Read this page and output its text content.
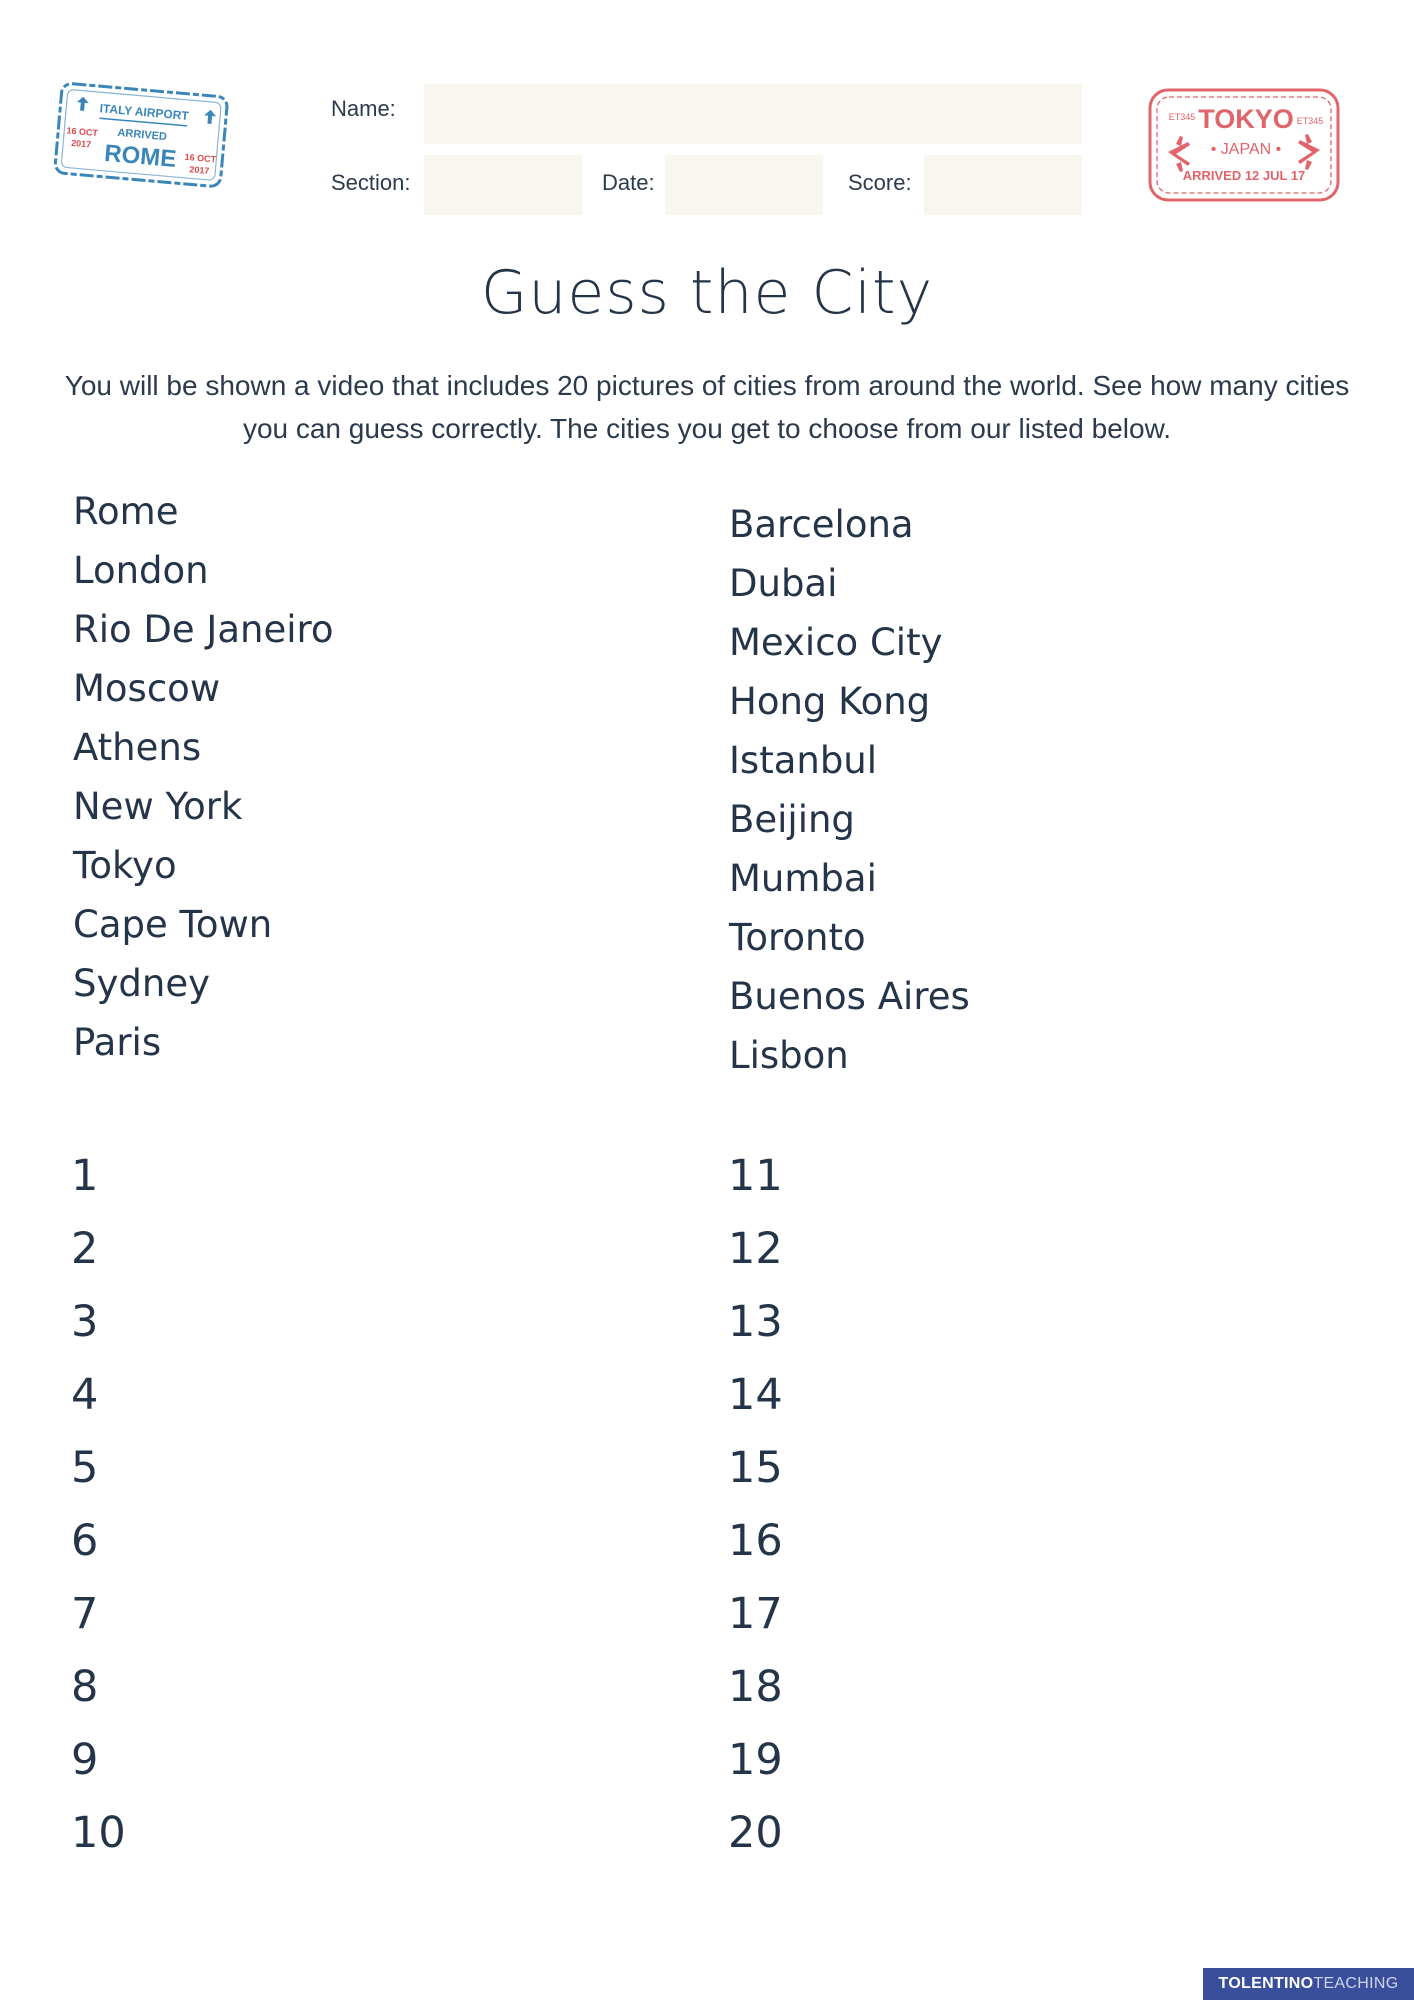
ITALY AIRPORT
ARRIVED
ROME
16 OCT
2017
16 OCT
2017
ET345	ET345
TOKYO
• JAPAN •
ARRIVED 12 JUL 17
Name:
Section:	Date:	Score:
Guess the City
You will be shown a video that includes 20 pictures of cities from around the world. See how many cities you can guess correctly. The cities you get to choose from our listed below.
Rome
London
Rio De Janeiro
Moscow
Athens
New York
Tokyo
Cape Town
Sydney
Paris
Barcelona
Dubai
Mexico City
Hong Kong
Istanbul
Beijing
Mumbai
Toronto
Buenos Aires
Lisbon
1
2
3
4
5
6
7
8
9
10
11
12
13
14
15
16
17
18
19
20
TOLENTINOTEACHING
